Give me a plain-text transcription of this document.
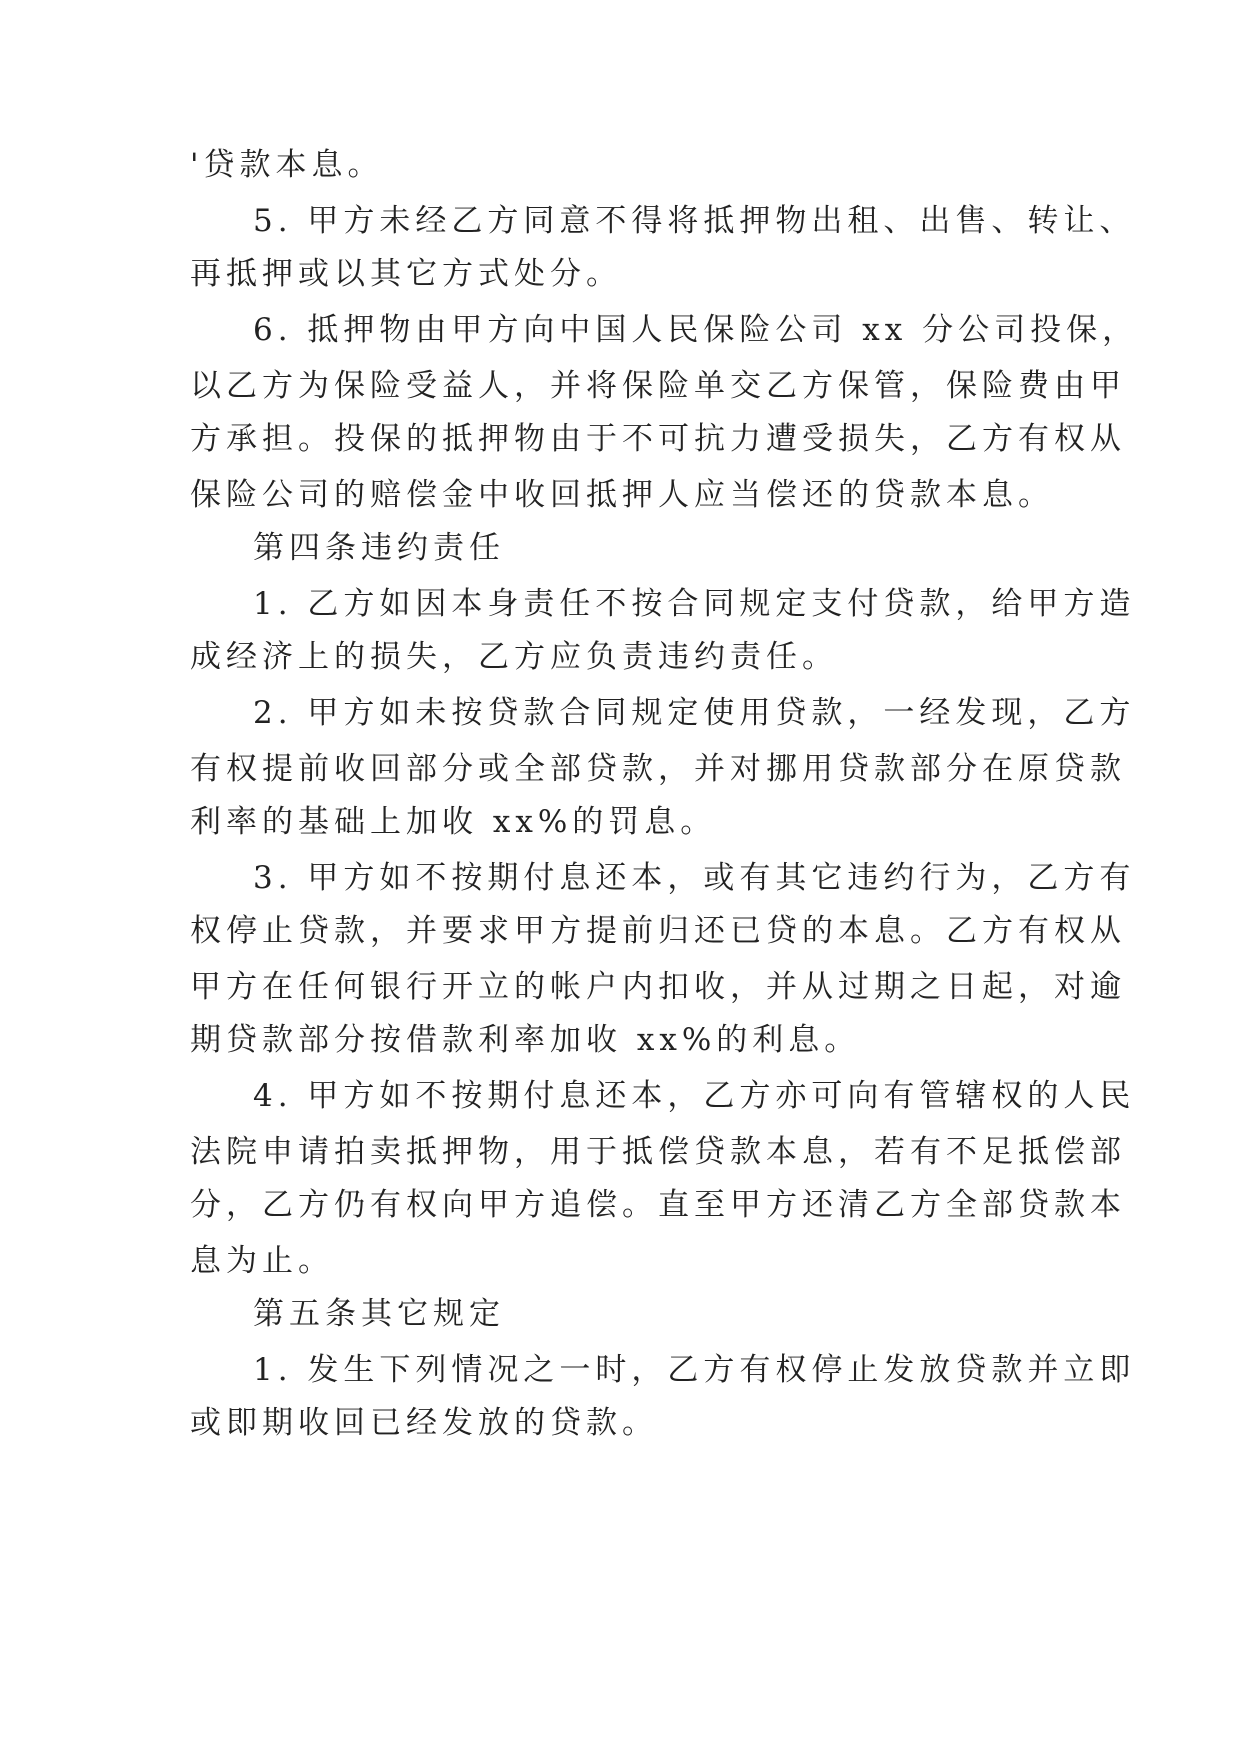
'贷款本息。
5. 甲方未经乙方同意不得将抵押物出租、出售、转让、
再抵押或以其它方式处分。
6. 抵押物由甲方向中国人民保险公司 xx 分公司投保，
以乙方为保险受益人，并将保险单交乙方保管，保险费由甲
方承担。投保的抵押物由于不可抗力遭受损失，乙方有权从
保险公司的赔偿金中收回抵押人应当偿还的贷款本息。
第四条违约责任
1. 乙方如因本身责任不按合同规定支付贷款，给甲方造
成经济上的损失，乙方应负责违约责任。
2. 甲方如未按贷款合同规定使用贷款，一经发现，乙方
有权提前收回部分或全部贷款，并对挪用贷款部分在原贷款
利率的基础上加收 xx%的罚息。
3. 甲方如不按期付息还本，或有其它违约行为，乙方有
权停止贷款，并要求甲方提前归还已贷的本息。乙方有权从
甲方在任何银行开立的帐户内扣收，并从过期之日起，对逾
期贷款部分按借款利率加收 xx%的利息。
4. 甲方如不按期付息还本，乙方亦可向有管辖权的人民
法院申请拍卖抵押物，用于抵偿贷款本息，若有不足抵偿部
分，乙方仍有权向甲方追偿。直至甲方还清乙方全部贷款本
息为止。
第五条其它规定
1. 发生下列情况之一时，乙方有权停止发放贷款并立即
或即期收回已经发放的贷款。
